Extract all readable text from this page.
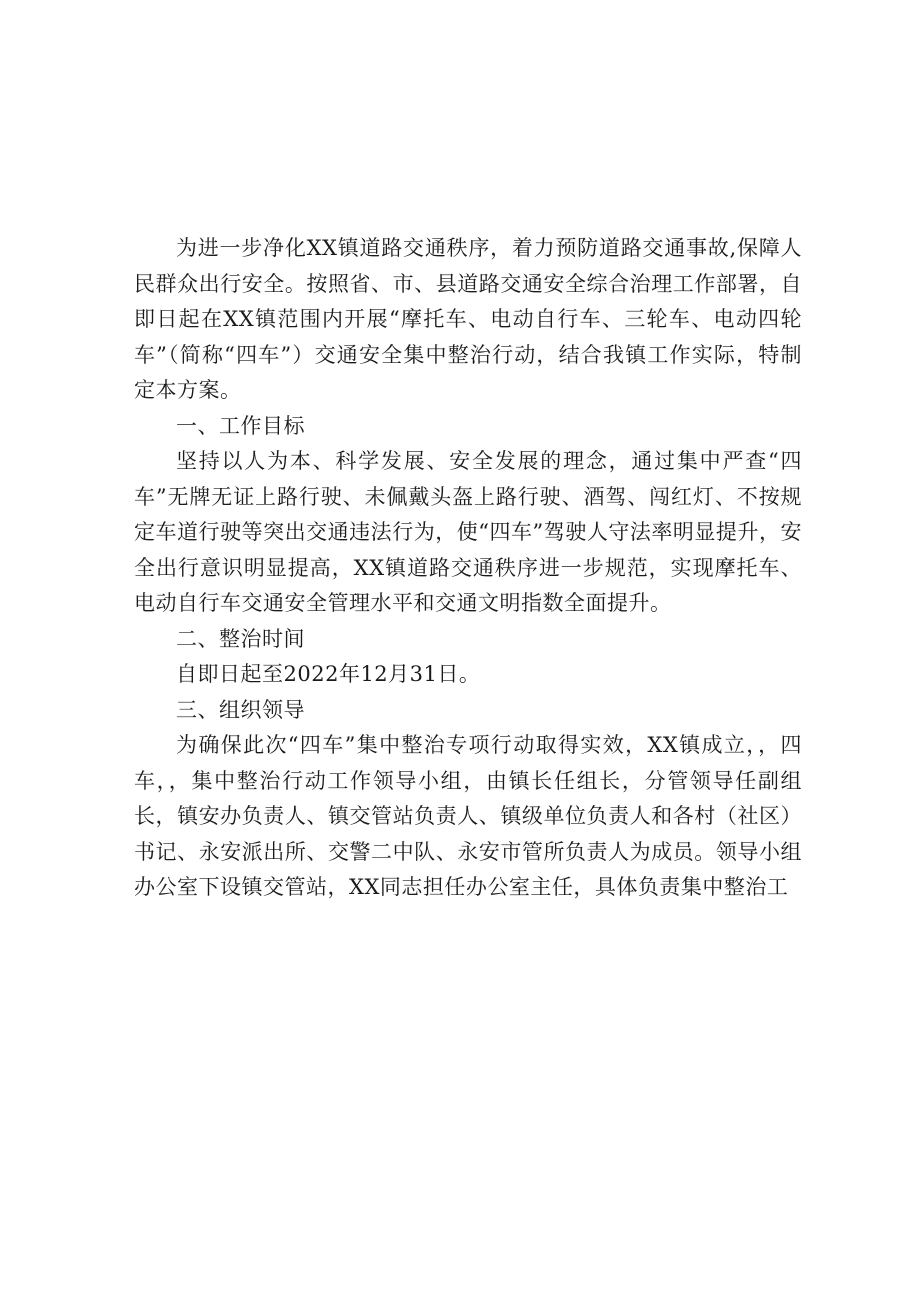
为进一步净化XX镇道路交通秩序，着力预防道路交通事故,保障人民群众出行安全。按照省、市、县道路交通安全综合治理工作部署，自即日起在XX镇范围内开展“摩托车、电动自行车、三轮车、电动四轮车”（简称“四车”）交通安全集中整治行动，结合我镇工作实际，特制定本方案。

一、工作目标

坚持以人为本、科学发展、安全发展的理念，通过集中严查“四车”无牌无证上路行驶、未佩戴头盔上路行驶、酒驾、闯红灯、不按规定车道行驶等突出交通违法行为，使“四车”驾驶人守法率明显提升，安全出行意识明显提高，XX镇道路交通秩序进一步规范，实现摩托车、电动自行车交通安全管理水平和交通文明指数全面提升。

二、整治时间

自即日起至2022年12月31日。

三、组织领导

为确保此次“四车”集中整治专项行动取得实效，XX镇成立，，四车，，集中整治行动工作领导小组，由镇长任组长，分管领导任副组长，镇安办负责人、镇交管站负责人、镇级单位负责人和各村（社区）书记、永安派出所、交警二中队、永安市管所负责人为成员。领导小组办公室下设镇交管站，XX同志担任办公室主任，具体负责集中整治工
